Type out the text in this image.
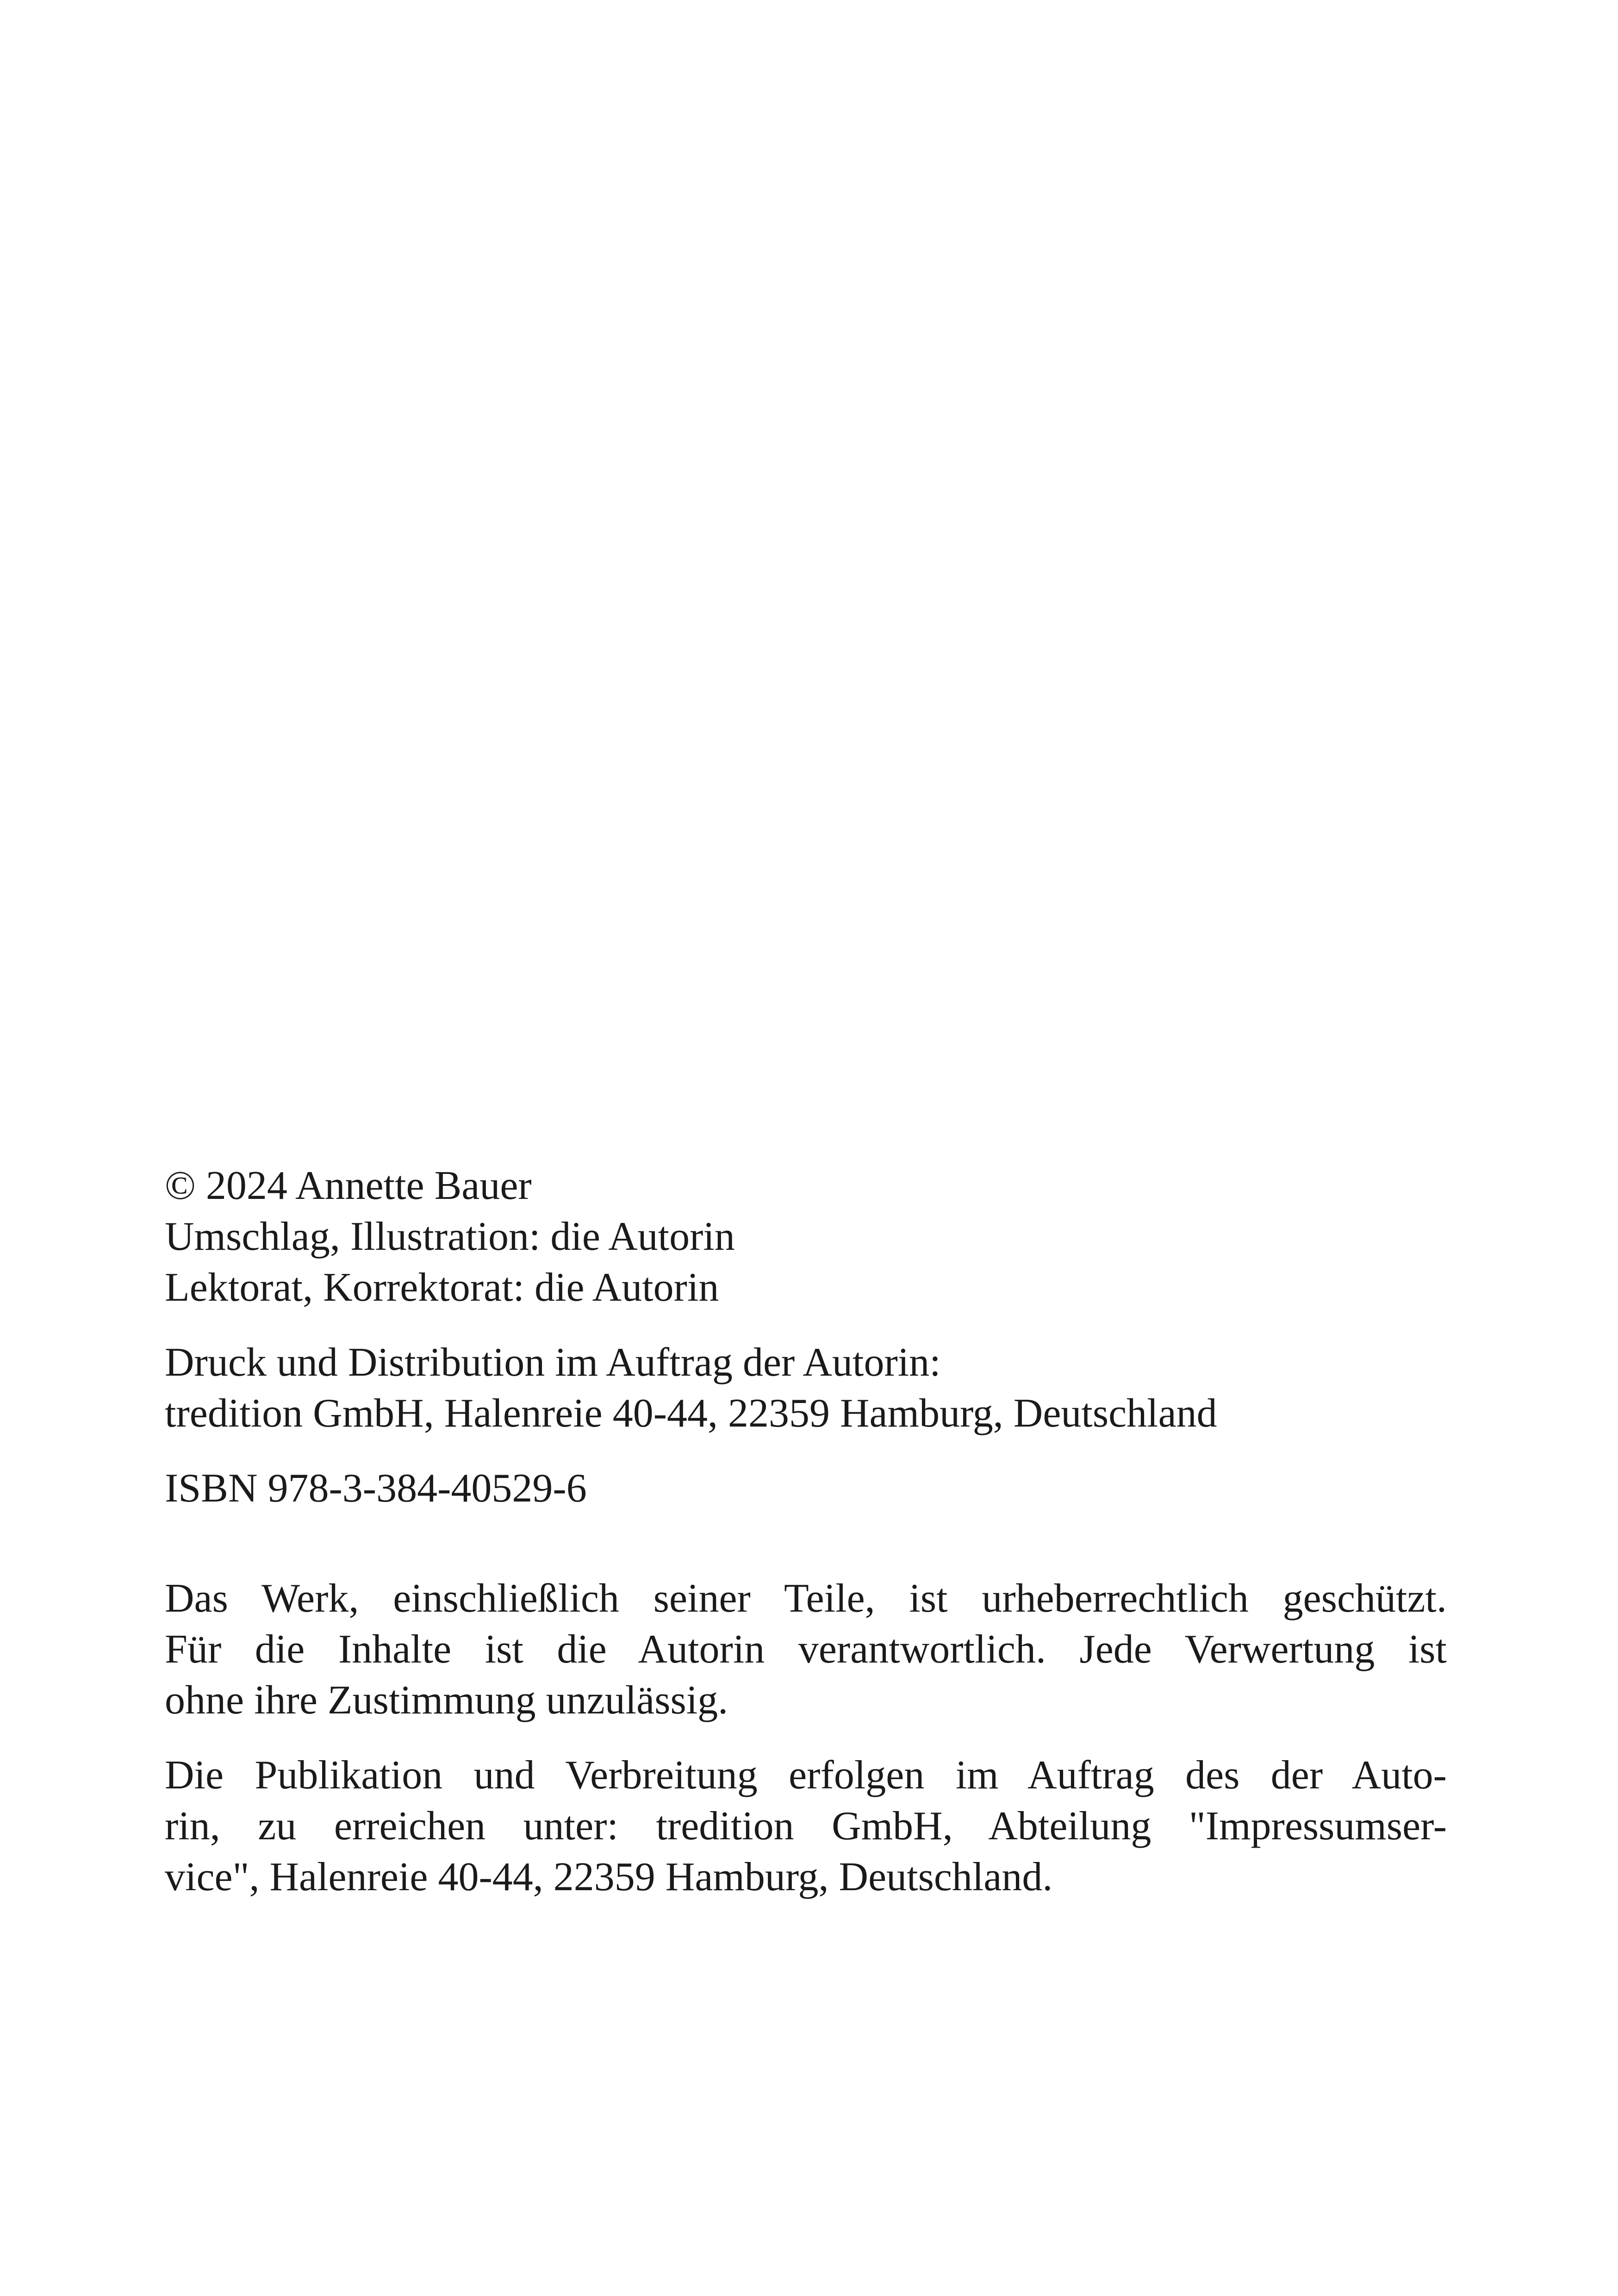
© 2024 Annette Bauer
Umschlag, Illustration: die Autorin
Lektorat, Korrektorat: die Autorin
Druck und Distribution im Auftrag der Autorin:
tredition GmbH, Halenreie 40-44, 22359 Hamburg, Deutschland
ISBN 978-3-384-40529-6
Das Werk, einschließlich seiner Teile, ist urheberrechtlich geschützt.
Für die Inhalte ist die Autorin verantwortlich. Jede Verwertung ist
ohne ihre Zustimmung unzulässig.
Die Publikation und Verbreitung erfolgen im Auftrag des der Auto-
rin, zu erreichen unter: tredition GmbH, Abteilung "Impressumser-
vice", Halenreie 40-44, 22359 Hamburg, Deutschland.
